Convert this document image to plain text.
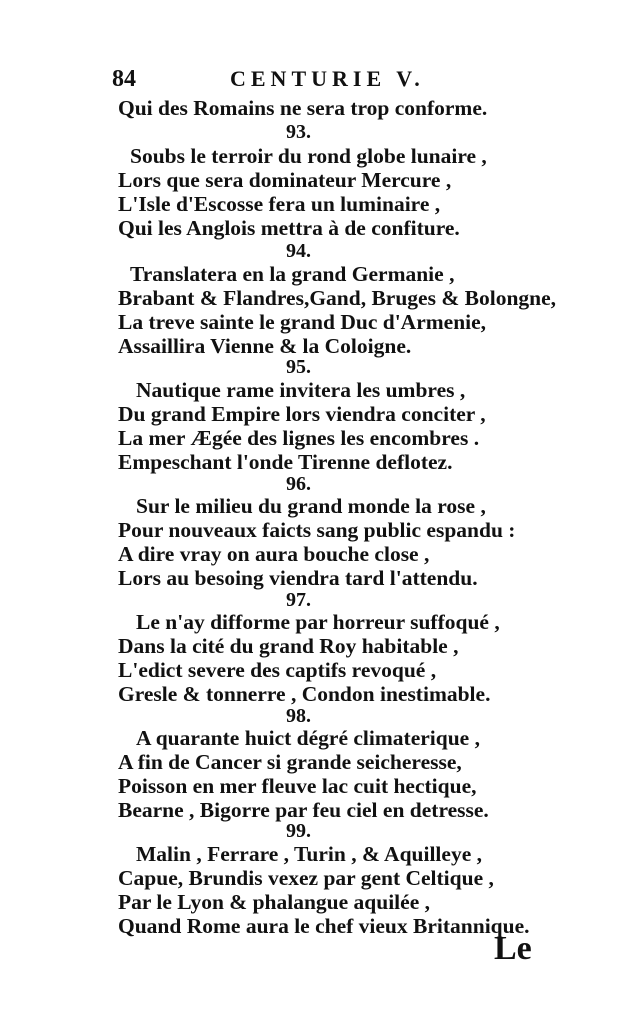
84	CENTURIE V.
Qui des Romains ne sera trop conforme.
93.
Soubs le terroir du rond globe lunaire ,
Lors que sera dominateur Mercure ,
L'Isle d'Escosse fera un luminaire ,
Qui les Anglois mettra à de confiture.
94.
Translatera en la grand Germanie ,
Brabant & Flandres,Gand, Bruges & Bolongne,
La treve sainte le grand Duc d'Armenie,
Assaillira Vienne & la Coloigne.
95.
Nautique rame invitera les umbres ,
Du grand Empire lors viendra conciter ,
La mer Ægée des lignes les encombres .
Empeschant l'onde Tirenne deflotez.
96.
Sur le milieu du grand monde la rose ,
Pour nouveaux faicts sang public espandu :
A dire vray on aura bouche close ,
Lors au besoing viendra tard l'attendu.
97.
Le n'ay difforme par horreur suffoqué ,
Dans la cité du grand Roy habitable ,
L'edict severe des captifs revoqué ,
Gresle & tonnerre , Condon inestimable.
98.
A quarante huict dégré climaterique ,
A fin de Cancer si grande seicheresse,
Poisson en mer fleuve lac cuit hectique,
Bearne , Bigorre par feu ciel en detresse.
99.
Malin , Ferrare , Turin , & Aquilleye ,
Capue, Brundis vexez par gent Celtique ,
Par le Lyon & phalangue aquilée ,
Quand Rome aura le chef vieux Britannique.
Le
